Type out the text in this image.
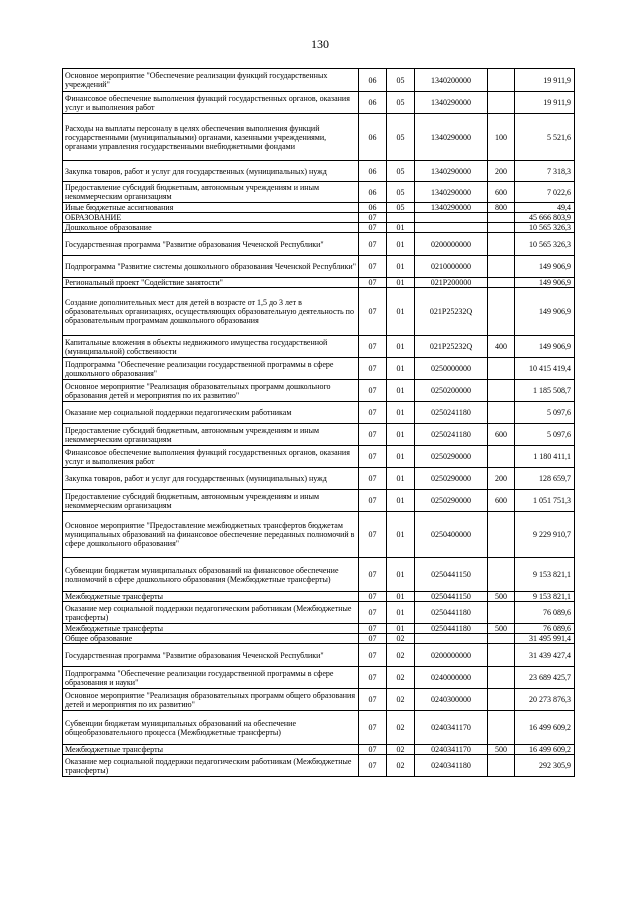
130
Основное мероприятие "Обеспечение реализации функций государственных учреждений"	06	05	1340200000		19 911,9
Финансовое обеспечение выполнения функций государственных органов, оказания услуг и выполнения работ	06	05	1340290000		19 911,9
Расходы на выплаты персоналу в целях обеспечения выполнения функций государственными (муниципальными) органами, казенными учреждениями, органами управления государственными внебюджетными фондами	06	05	1340290000	100	5 521,6
Закупка товаров, работ и услуг для государственных (муниципальных) нужд	06	05	1340290000	200	7 318,3
Предоставление субсидий бюджетным, автономным учреждениям и иным некоммерческим организациям	06	05	1340290000	600	7 022,6
Иные бюджетные ассигнования	06	05	1340290000	800	49,4
ОБРАЗОВАНИЕ	07				45 666 803,9
Дошкольное образование	07	01			10 565 326,3
Государственная программа "Развитие образования Чеченской Республики"	07	01	0200000000		10 565 326,3
Подпрограмма "Развитие системы дошкольного образования Чеченской Республики"	07	01	0210000000		149 906,9
Региональный проект "Содействие занятости"	07	01	021P200000		149 906,9
Создание дополнительных мест для детей в возрасте от 1,5 до 3 лет в образовательных организациях, осуществляющих образовательную деятельность по образовательным программам дошкольного образования	07	01	021P25232Q		149 906,9
Капитальные вложения в объекты недвижимого имущества государственной (муниципальной) собственности	07	01	021P25232Q	400	149 906,9
Подпрограмма "Обеспечение реализации государственной программы в сфере дошкольного образования"	07	01	0250000000		10 415 419,4
Основное мероприятие "Реализация образовательных программ дошкольного образования детей и мероприятия по их развитию"	07	01	0250200000		1 185 508,7
Оказание мер социальной поддержки педагогическим работникам	07	01	0250241180		5 097,6
Предоставление субсидий бюджетным, автономным учреждениям и иным некоммерческим организациям	07	01	0250241180	600	5 097,6
Финансовое обеспечение выполнения функций государственных органов, оказания услуг и выполнения работ	07	01	0250290000		1 180 411,1
Закупка товаров, работ и услуг для государственных (муниципальных) нужд	07	01	0250290000	200	128 659,7
Предоставление субсидий бюджетным, автономным учреждениям и иным некоммерческим организациям	07	01	0250290000	600	1 051 751,3
Основное мероприятие "Предоставление межбюджетных трансфертов бюджетам муниципальных образований на финансовое обеспечение переданных полномочий в сфере дошкольного образования"	07	01	0250400000		9 229 910,7
Субвенции бюджетам муниципальных образований на финансовое обеспечение полномочий в сфере дошкольного образования (Межбюджетные трансферты)	07	01	0250441150		9 153 821,1
Межбюджетные трансферты	07	01	0250441150	500	9 153 821,1
Оказание мер социальной поддержки педагогическим работникам (Межбюджетные трансферты)	07	01	0250441180		76 089,6
Межбюджетные трансферты	07	01	0250441180	500	76 089,6
Общее образование	07	02			31 495 991,4
Государственная программа "Развитие образования Чеченской Республики"	07	02	0200000000		31 439 427,4
Подпрограмма "Обеспечение реализации государственной программы в сфере образования и науки"	07	02	0240000000		23 689 425,7
Основное мероприятие "Реализация образовательных программ общего образования детей и мероприятия по их развитию"	07	02	0240300000		20 273 876,3
Субвенции бюджетам муниципальных образований на обеспечение общеобразовательного процесса (Межбюджетные трансферты)	07	02	0240341170		16 499 609,2
Межбюджетные трансферты	07	02	0240341170	500	16 499 609,2
Оказание мер социальной поддержки педагогическим работникам (Межбюджетные трансферты)	07	02	0240341180		292 305,9
